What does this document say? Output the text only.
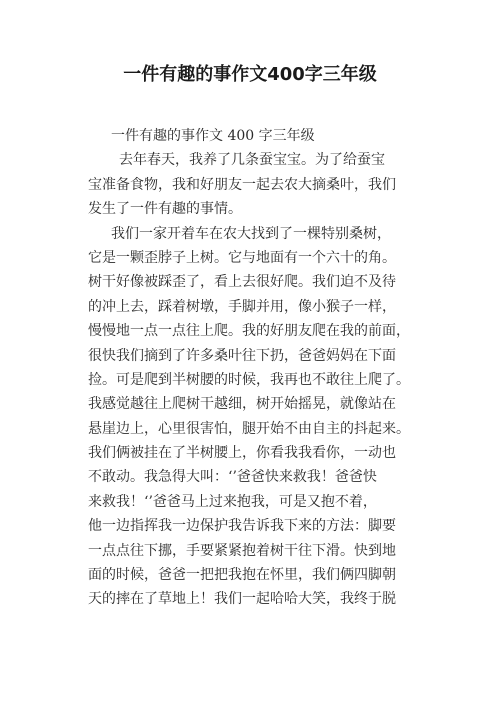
一件有趣的事作文400字三年级
一件有趣的事作文 400 字三年级
去年春天，我养了几条蚕宝宝。为了给蚕宝
宝准备食物，我和好朋友一起去农大摘桑叶，我们
发生了一件有趣的事情。
我们一家开着车在农大找到了一棵特别桑树，
它是一颗歪脖子上树。它与地面有一个六十的角。
树干好像被踩歪了，看上去很好爬。我们迫不及待
的冲上去，踩着树墩，手脚并用，像小猴子一样，
慢慢地一点一点往上爬。我的好朋友爬在我的前面，
很快我们摘到了许多桑叶往下扔，爸爸妈妈在下面
捡。可是爬到半树腰的时候，我再也不敢往上爬了。
我感觉越往上爬树干越细，树开始摇晃，就像站在
悬崖边上，心里很害怕，腿开始不由自主的抖起来。
我们俩被挂在了半树腰上，你看我我看你，一动也
不敢动。我急得大叫：‘’爸爸快来救我！爸爸快
来救我！‘’爸爸马上过来抱我，可是又抱不着，
他一边指挥我一边保护我告诉我下来的方法：脚要
一点点往下挪，手要紧紧抱着树干往下滑。快到地
面的时候，爸爸一把把我抱在怀里，我们俩四脚朝
天的摔在了草地上！我们一起哈哈大笑，我终于脱
